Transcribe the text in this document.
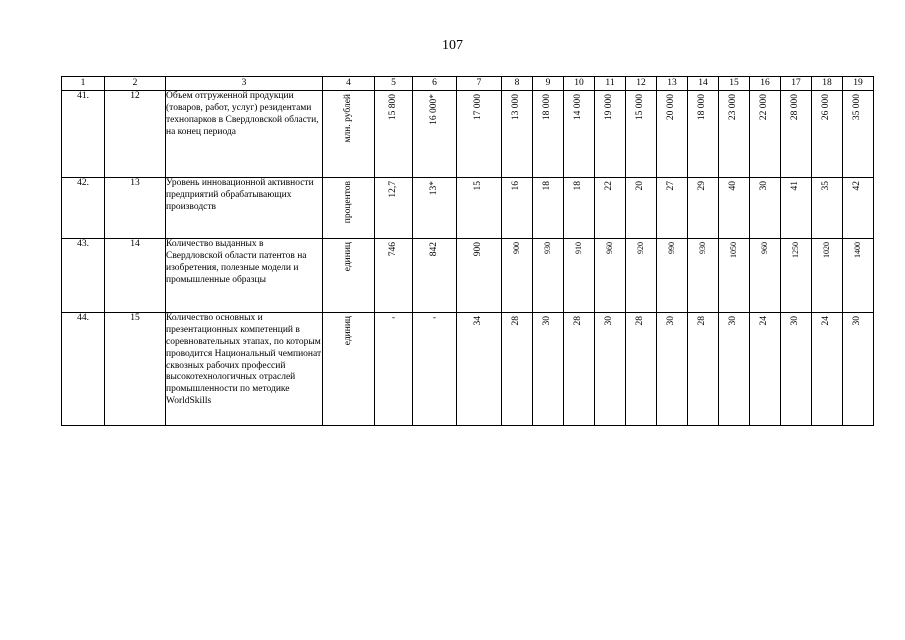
107
1	2	3	4	5	6	7	8	9	10	11	12	13	14	15	16	17	18	19
41.	12	Объем отгруженной продукции (товаров, работ, услуг) резидентами технопарков в Свердловской области, на конец периода	млн. рублей	15 800	16 000*	17 000	13 000	18 000	14 000	19 000	15 000	20 000	18 000	23 000	22 000	28 000	26 000	35 000

42.	13	Уровень инновационной активности предприятий обрабатывающих производств	процентов	12,7	13*	15	16	18	18	22	20	27	29	40	30	41	35	42

43.	14	Количество выданных в Свердловской области патентов на изобретения, полезные модели и промышленные образцы	единиц	746	842	900	900	930	910	960	920	990	930	1050	960	1250	1020	1400

44.	15	Количество основных и презентационных компетенций в соревновательных этапах, по которым проводится Национальный чемпионат сквозных рабочих профессий высокотехнологичных отраслей промышленности по методике WorldSkills	единиц	-	-	34	28	30	28	30	28	30	28	30	24	30	24	30
